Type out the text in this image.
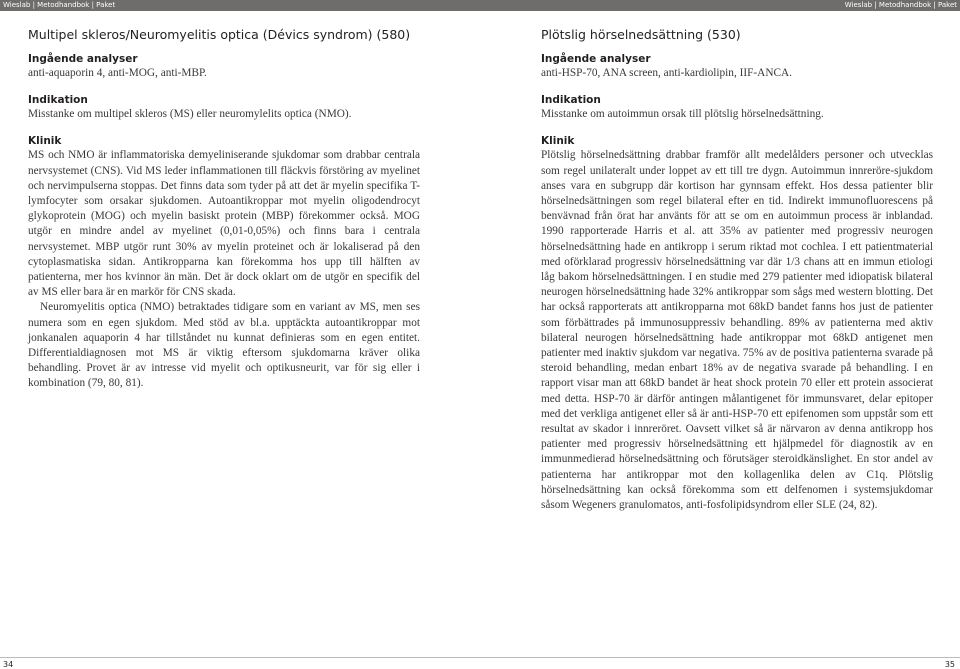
Wieslab | Metodhandbok | Paket	Wieslab | Metodhandbok | Paket
Multipel skleros/Neuromyelitis optica (Dévics syndrom) (580)
Ingående analyser

anti-aquaporin 4, anti-MOG, anti-MBP.

Indikation

Misstanke om multipel skleros (MS) eller neuromylelits optica (NMO).

Klinik

MS och NMO är inflammatoriska demyeliniserande sjukdomar som drabbar centrala nervsystemet (CNS). Vid MS leder inflammationen till fläckvis förstöring av myelinet och nervimpulserna stoppas. Det finns data som tyder på att det är myelin specifika T-lymfocyter som orsakar sjukdomen. Autoantikroppar mot myelin oligodendrocyt glykoprotein (MOG) och myelin basiskt protein (MBP) förekommer också. MOG utgör en mindre andel av myelinet (0,01-0,05%) och finns bara i centrala nervsystemet. MBP utgör runt 30% av myelin proteinet och är lokaliserad på den cytoplasmatiska sidan. Antikropparna kan förekomma hos upp till hälften av patienterna, mer hos kvinnor än män. Det är dock oklart om de utgör en specifik del av MS eller bara är en markör för CNS skada.

Neuromyelitis optica (NMO) betraktades tidigare som en variant av MS, men ses numera som en egen sjukdom. Med stöd av bl.a. upptäckta autoantikroppar mot jonkanalen aquaporin 4 har tillståndet nu kunnat definieras som en egen entitet. Differentialdiagnosen mot MS är viktig eftersom sjukdomarna kräver olika behandling. Provet är av intresse vid myelit och optikusneurit, var för sig eller i kombination (79, 80, 81).

Plötslig hörselnedsättning (530)
Ingående analyser

anti-HSP-70, ANA screen, anti-kardiolipin, IIF-ANCA.

Indikation

Misstanke om autoimmun orsak till plötslig hörselnedsättning.

Klinik

Plötslig hörselnedsättning drabbar framför allt medelålders personer och utvecklas som regel unilateralt under loppet av ett till tre dygn. Autoimmun innreröre-sjukdom anses vara en subgrupp där kortison har gynnsam effekt. Hos dessa patienter blir hörselnedsättningen som regel bilateral efter en tid. Indirekt immunofluorescens på benvävnad från örat har använts för att se om en autoimmun process är inblandad. 1990 rapporterade Harris et al. att 35% av patienter med progressiv neurogen hörselnedsättning hade en antikropp i serum riktad mot cochlea. I ett patientmaterial med oförklarad progressiv hörselnedsättning var där 1/3 chans att en immun etiologi låg bakom hörselnedsättningen. I en studie med 279 patienter med idiopatisk bilateral neurogen hörselnedsättning hade 32% antikroppar som sågs med western blotting. Det har också rapporterats att antikropparna mot 68kD bandet fanns hos just de patienter som förbättrades på immunosuppressiv behandling. 89% av patienterna med aktiv bilateral neurogen hörselnedsättning hade antikroppar mot 68kD antigenet men patienter med inaktiv sjukdom var negativa. 75% av de positiva patienterna svarade på steroid behandling, medan enbart 18% av de negativa svarade på behandling. I en rapport visar man att 68kD bandet är heat shock protein 70 eller ett protein associerat med detta. HSP-70 är därför antingen målantigenet för immunsvaret, delar epitoper med det verkliga antigenet eller så är anti-HSP-70 ett epifenomen som uppstår som ett resultat av skador i innreröret. Oavsett vilket så är närvaron av denna antikropp hos patienter med progressiv hörselnedsättning ett hjälpmedel för diagnostik av en immunmedierad hörselnedsättning och förutsäger steroidkänslighet. En stor andel av patienterna har antikroppar mot den kollagenlika delen av C1q. Plötslig hörselnedsättning kan också förekomma som ett delfenomen i systemsjukdomar såsom Wegeners granulomatos, anti-fosfolipidsyndrom eller SLE (24, 82).

34	35
